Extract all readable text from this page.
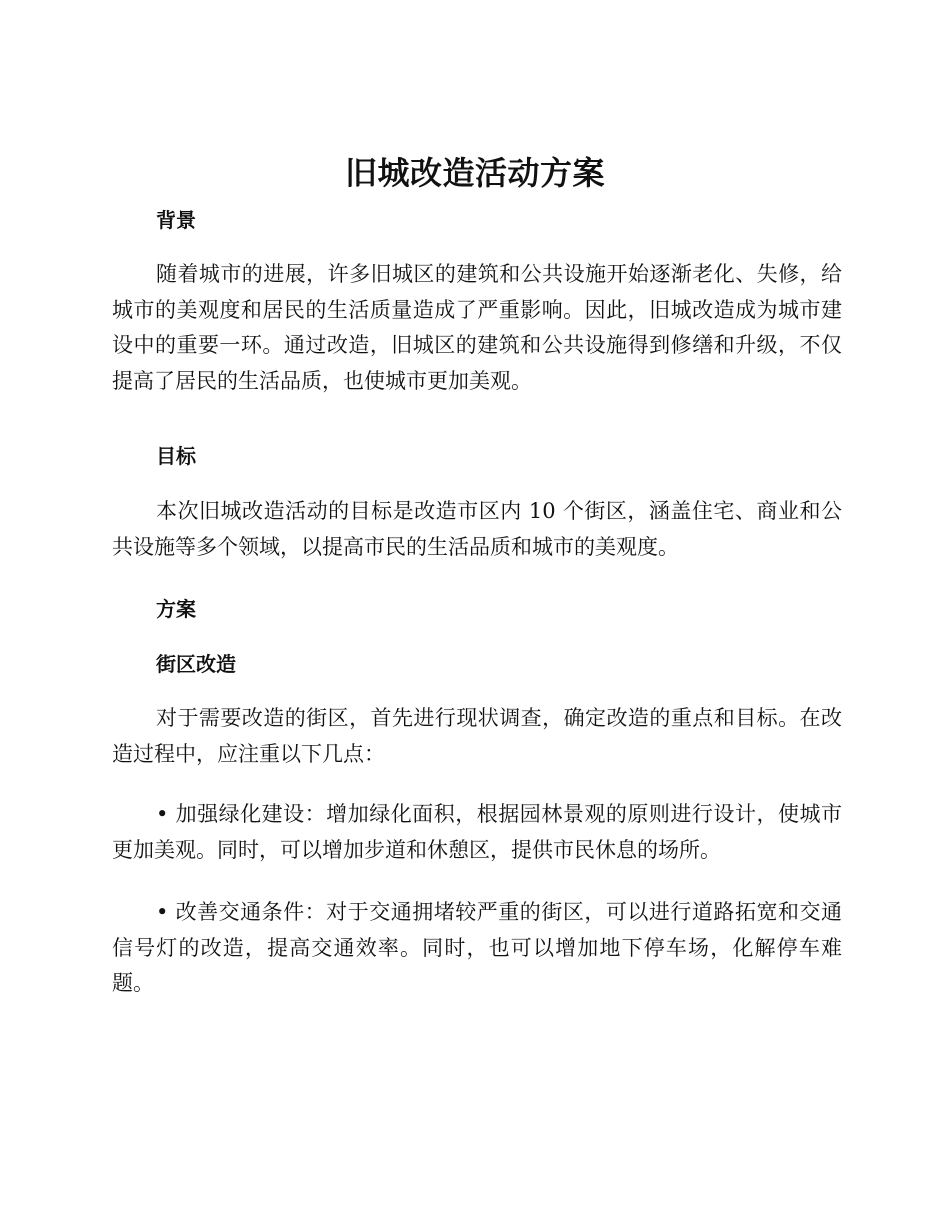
旧城改造活动方案
背景

随着城市的进展，许多旧城区的建筑和公共设施开始逐渐老化、失修，给城市的美观度和居民的生活质量造成了严重影响。因此，旧城改造成为城市建设中的重要一环。通过改造，旧城区的建筑和公共设施得到修缮和升级，不仅提高了居民的生活品质，也使城市更加美观。

目标

本次旧城改造活动的目标是改造市区内 10 个街区，涵盖住宅、商业和公共设施等多个领域，以提高市民的生活品质和城市的美观度。

方案
街区改造

对于需要改造的街区，首先进行现状调查，确定改造的重点和目标。在改造过程中，应注重以下几点：

• 加强绿化建设：增加绿化面积，根据园林景观的原则进行设计，使城市更加美观。同时，可以增加步道和休憩区，提供市民休息的场所。

• 改善交通条件：对于交通拥堵较严重的街区，可以进行道路拓宽和交通信号灯的改造，提高交通效率。同时，也可以增加地下停车场，化解停车难题。
